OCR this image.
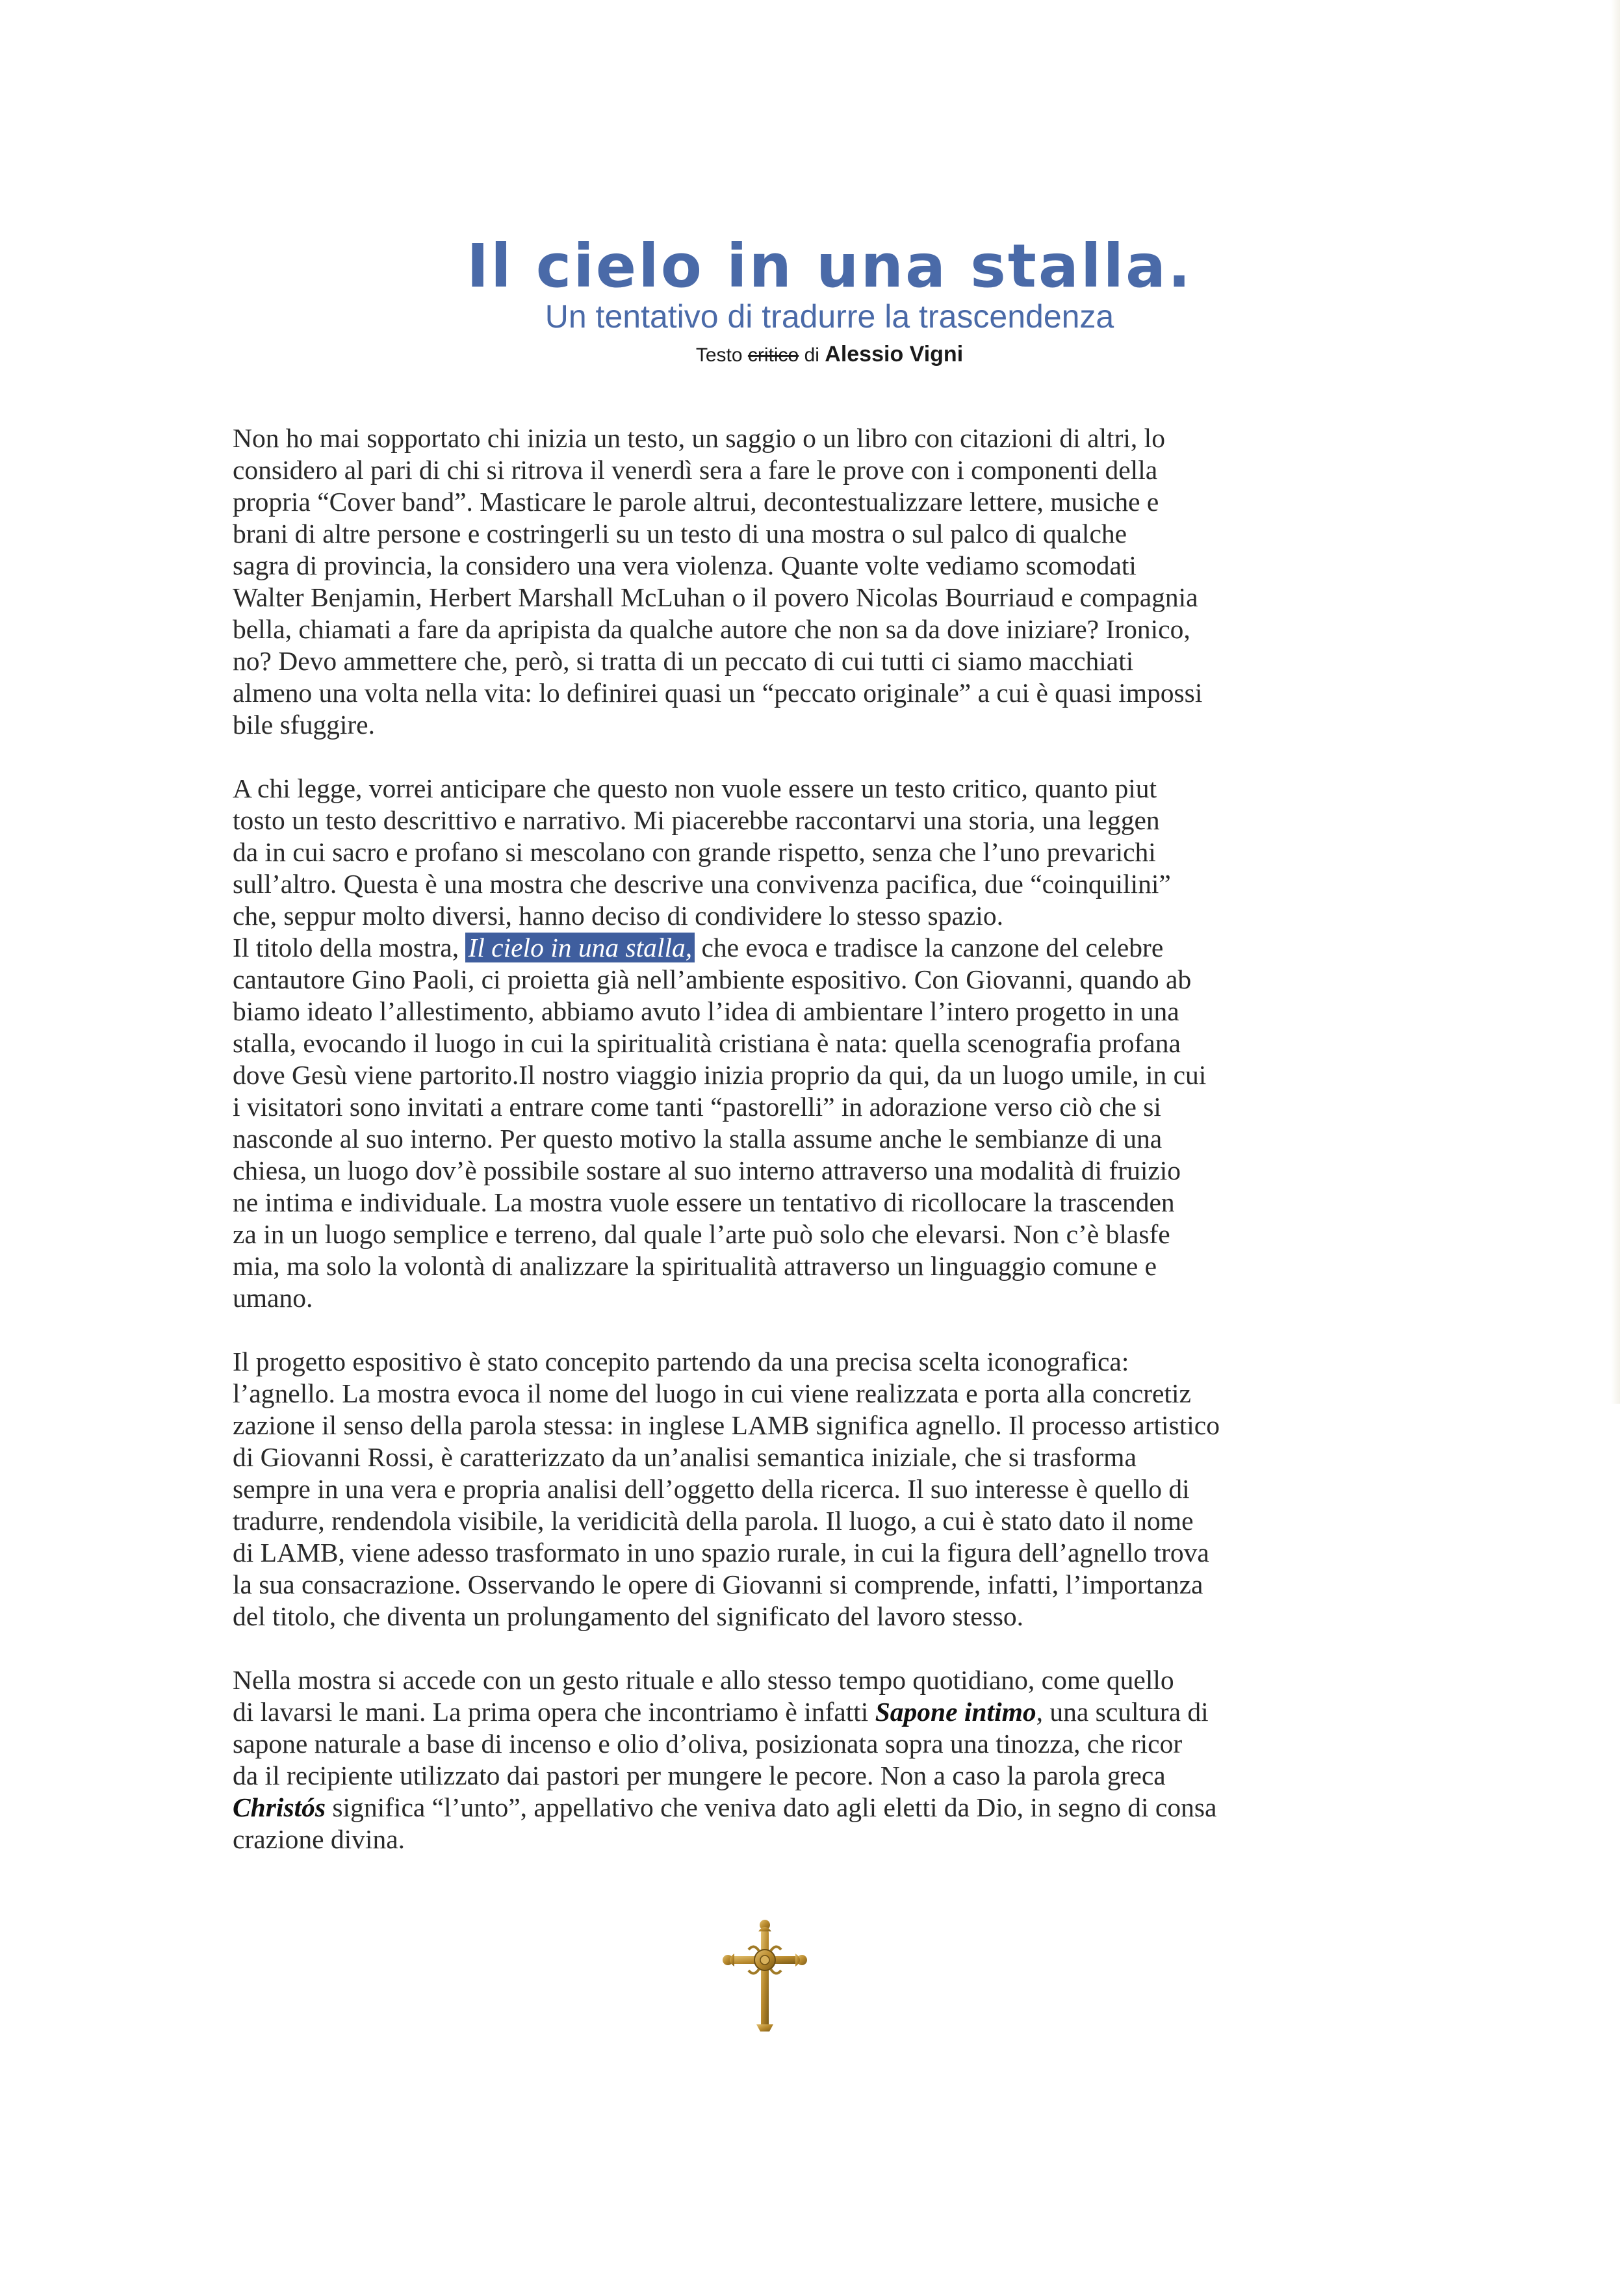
Il cielo in una stalla.
Un tentativo di tradurre la trascendenza
Testo critico di Alessio Vigni

Non ho mai sopportato chi inizia un testo, un saggio o un libro con citazioni di altri, lo
considero al pari di chi si ritrova il venerdì sera a fare le prove con i componenti della
propria “Cover band”. Masticare le parole altrui, decontestualizzare lettere, musiche e
brani di altre persone e costringerli su un testo di una mostra o sul palco di qualche
sagra di provincia, la considero una vera violenza. Quante volte vediamo scomodati
Walter Benjamin, Herbert Marshall McLuhan o il povero Nicolas Bourriaud e compagnia
bella, chiamati a fare da apripista da qualche autore che non sa da dove iniziare? Ironico,
no? Devo ammettere che, però, si tratta di un peccato di cui tutti ci siamo macchiati
almeno una volta nella vita: lo definirei quasi un “peccato originale” a cui è quasi impossi
bile sfuggire.

A chi legge, vorrei anticipare che questo non vuole essere un testo critico, quanto piut
tosto un testo descrittivo e narrativo. Mi piacerebbe raccontarvi una storia, una leggen
da in cui sacro e profano si mescolano con grande rispetto, senza che l’uno prevarichi
sull’altro. Questa è una mostra che descrive una convivenza pacifica, due “coinquilini”
che, seppur molto diversi, hanno deciso di condividere lo stesso spazio.

Il titolo della mostra, Il cielo in una stalla, che evoca e tradisce la canzone del celebre
cantautore Gino Paoli, ci proietta già nell’ambiente espositivo. Con Giovanni, quando ab
biamo ideato l’allestimento, abbiamo avuto l’idea di ambientare l’intero progetto in una
stalla, evocando il luogo in cui la spiritualità cristiana è nata: quella scenografia profana
dove Gesù viene partorito.Il nostro viaggio inizia proprio da qui, da un luogo umile, in cui
i visitatori sono invitati a entrare come tanti “pastorelli” in adorazione verso ciò che si
nasconde al suo interno. Per questo motivo la stalla assume anche le sembianze di una
chiesa, un luogo dov’è possibile sostare al suo interno attraverso una modalità di fruizio
ne intima e individuale. La mostra vuole essere un tentativo di ricollocare la trascenden
za in un luogo semplice e terreno, dal quale l’arte può solo che elevarsi. Non c’è blasfe
mia, ma solo la volontà di analizzare la spiritualità attraverso un linguaggio comune e
umano.

Il progetto espositivo è stato concepito partendo da una precisa scelta iconografica:
l’agnello. La mostra evoca il nome del luogo in cui viene realizzata e porta alla concretiz
zazione il senso della parola stessa: in inglese LAMB significa agnello. Il processo artistico
di Giovanni Rossi, è caratterizzato da un’analisi semantica iniziale, che si trasforma
sempre in una vera e propria analisi dell’oggetto della ricerca. Il suo interesse è quello di
tradurre, rendendola visibile, la veridicità della parola. Il luogo, a cui è stato dato il nome
di LAMB, viene adesso trasformato in uno spazio rurale, in cui la figura dell’agnello trova
la sua consacrazione. Osservando le opere di Giovanni si comprende, infatti, l’importanza
del titolo, che diventa un prolungamento del significato del lavoro stesso.

Nella mostra si accede con un gesto rituale e allo stesso tempo quotidiano, come quello
di lavarsi le mani. La prima opera che incontriamo è infatti Sapone intimo, una scultura di
sapone naturale a base di incenso e olio d’oliva, posizionata sopra una tinozza, che ricor
da il recipiente utilizzato dai pastori per mungere le pecore. Non a caso la parola greca
Christós significa “l’unto”, appellativo che veniva dato agli eletti da Dio, in segno di consa
crazione divina.
